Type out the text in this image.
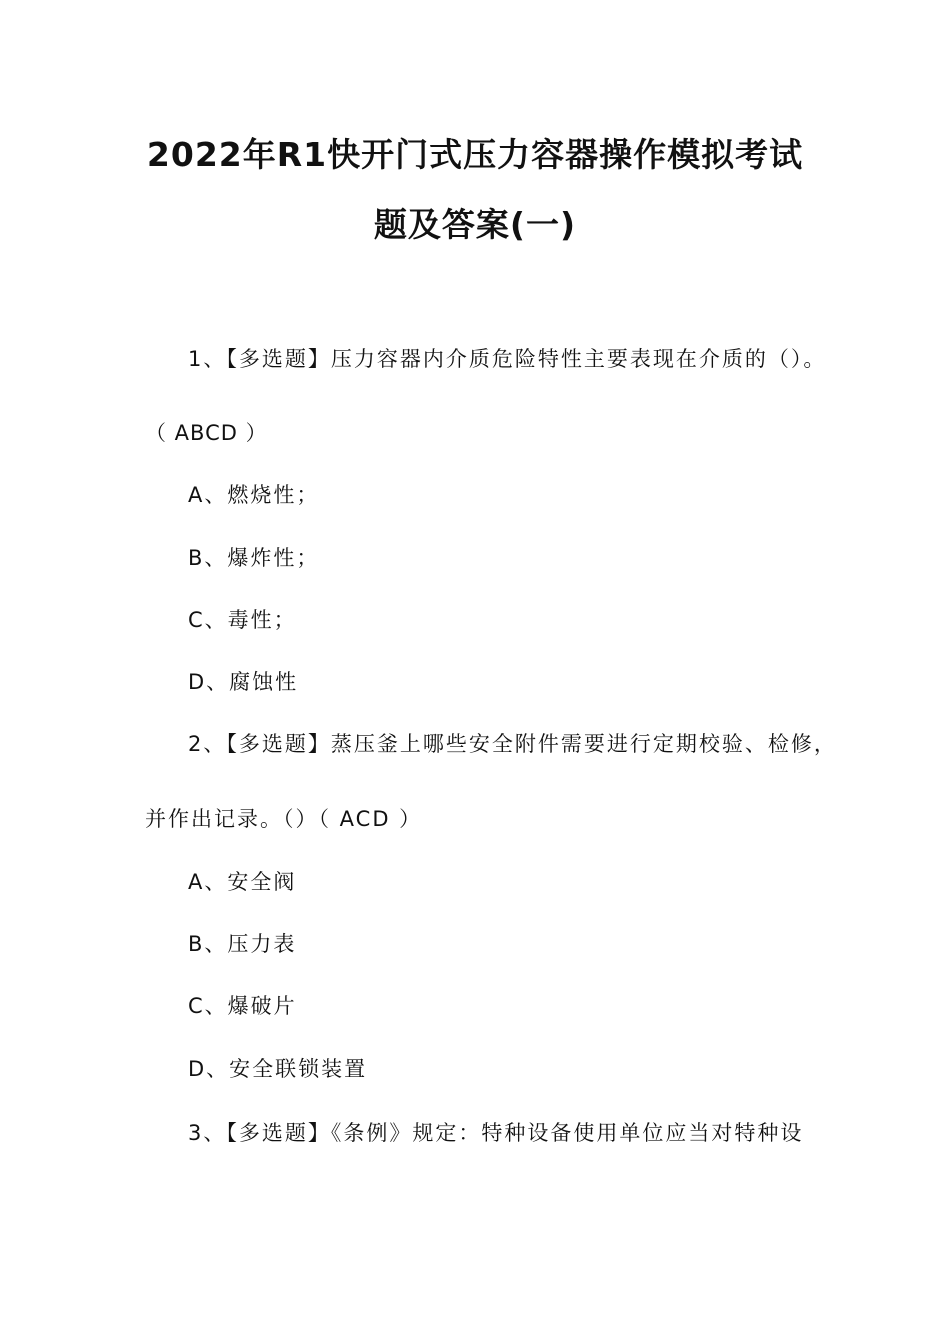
2022年R1快开门式压力容器操作模拟考试
题及答案(一)
1、【多选题】压力容器内介质危险特性主要表现在介质的（）。
（ ABCD ）
A、燃烧性；
B、爆炸性；
C、毒性；
D、腐蚀性
2、【多选题】蒸压釜上哪些安全附件需要进行定期校验、检修，
并作出记录。（）（ ACD ）
A、安全阀
B、压力表
C、爆破片
D、安全联锁装置
3、【多选题】《条例》规定：特种设备使用单位应当对特种设
